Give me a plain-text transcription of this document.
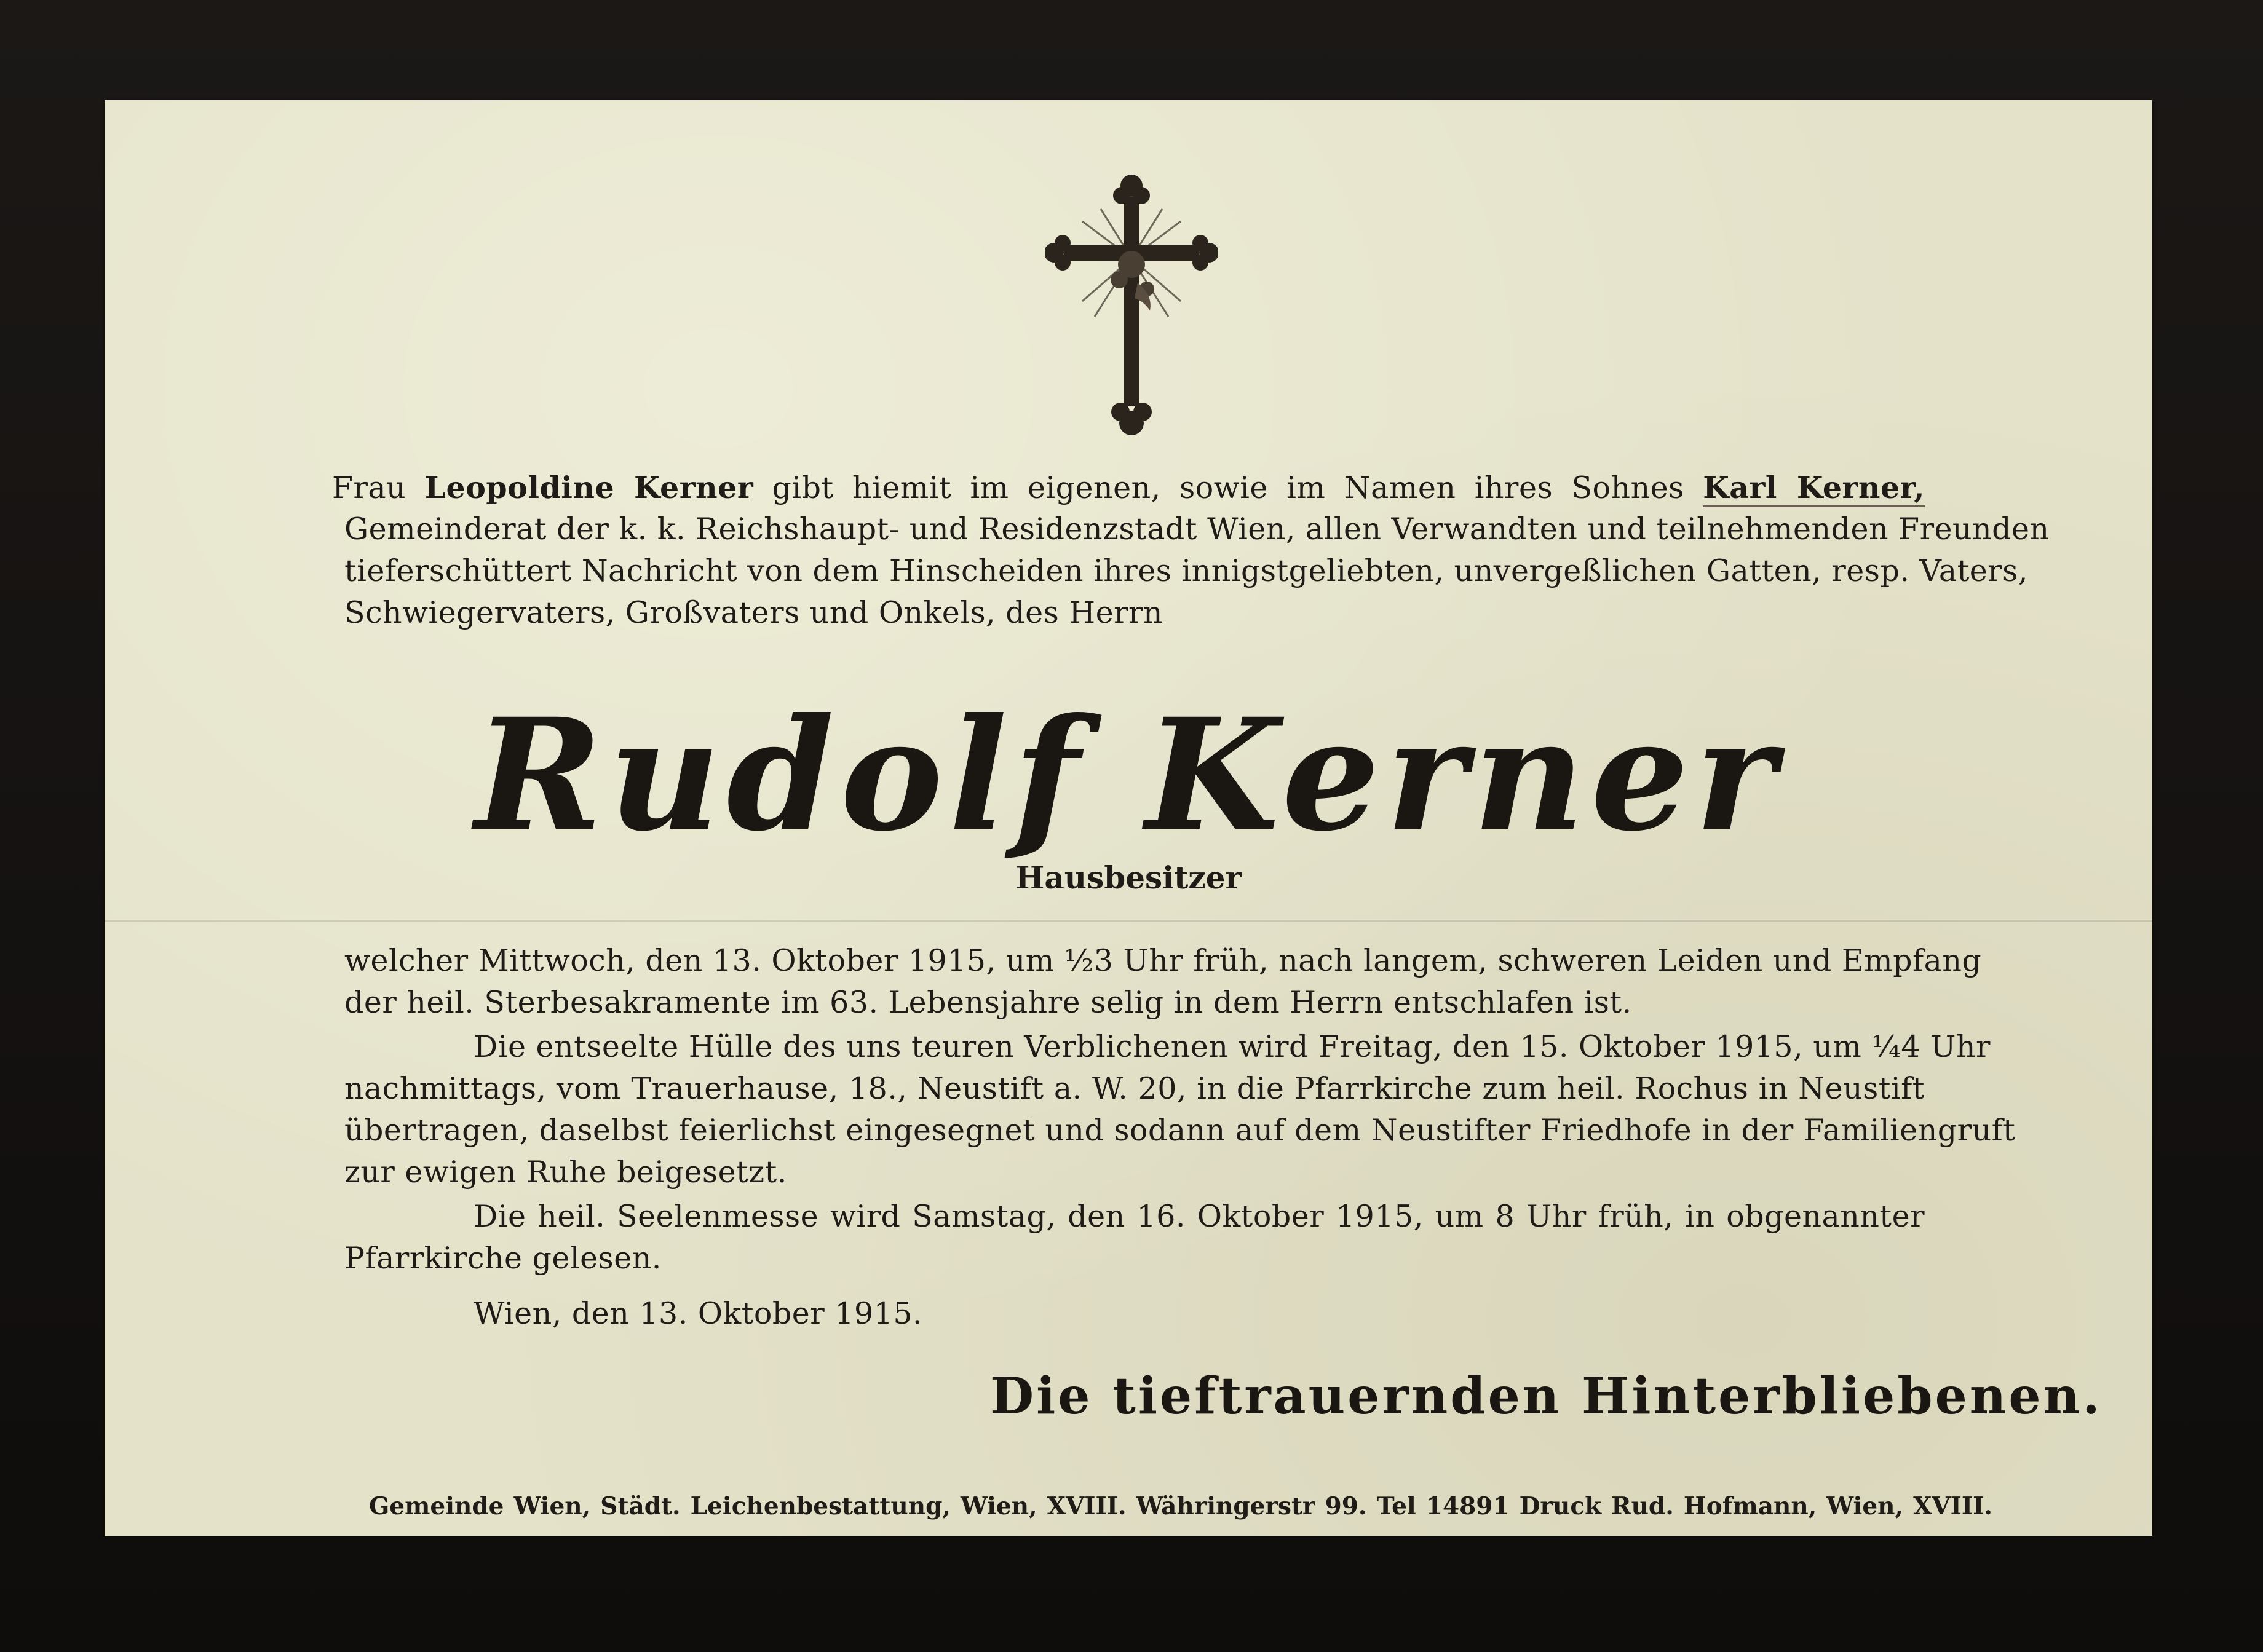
Frau Leopoldine Kerner gibt hiemit im eigenen, sowie im Namen ihres Sohnes Karl Kerner,
Gemeinderat der k. k. Reichshaupt- und Residenzstadt Wien, allen Verwandten und teilnehmenden Freunden
tieferschüttert Nachricht von dem Hinscheiden ihres innigstgeliebten, unvergeßlichen Gatten, resp. Vaters,
Schwiegervaters, Großvaters und Onkels, des Herrn
Rudolf Kerner
Hausbesitzer
welcher Mittwoch, den 13. Oktober 1915, um ½3 Uhr früh, nach langem, schweren Leiden und Empfang
der heil. Sterbesakramente im 63. Lebensjahre selig in dem Herrn entschlafen ist.
Die entseelte Hülle des uns teuren Verblichenen wird Freitag, den 15. Oktober 1915, um ¼4 Uhr
nachmittags, vom Trauerhause, 18., Neustift a. W. 20, in die Pfarrkirche zum heil. Rochus in Neustift
übertragen, daselbst feierlichst eingesegnet und sodann auf dem Neustifter Friedhofe in der Familiengruft
zur ewigen Ruhe beigesetzt.
Die heil. Seelenmesse wird Samstag, den 16. Oktober 1915, um 8 Uhr früh, in obgenannter
Pfarrkirche gelesen.
Wien, den 13. Oktober 1915.
Die tieftrauernden Hinterbliebenen.
Gemeinde Wien, Städt. Leichenbestattung, Wien, XVIII. Währingerstr 99. Tel 14891 Druck Rud. Hofmann, Wien, XVIII.
